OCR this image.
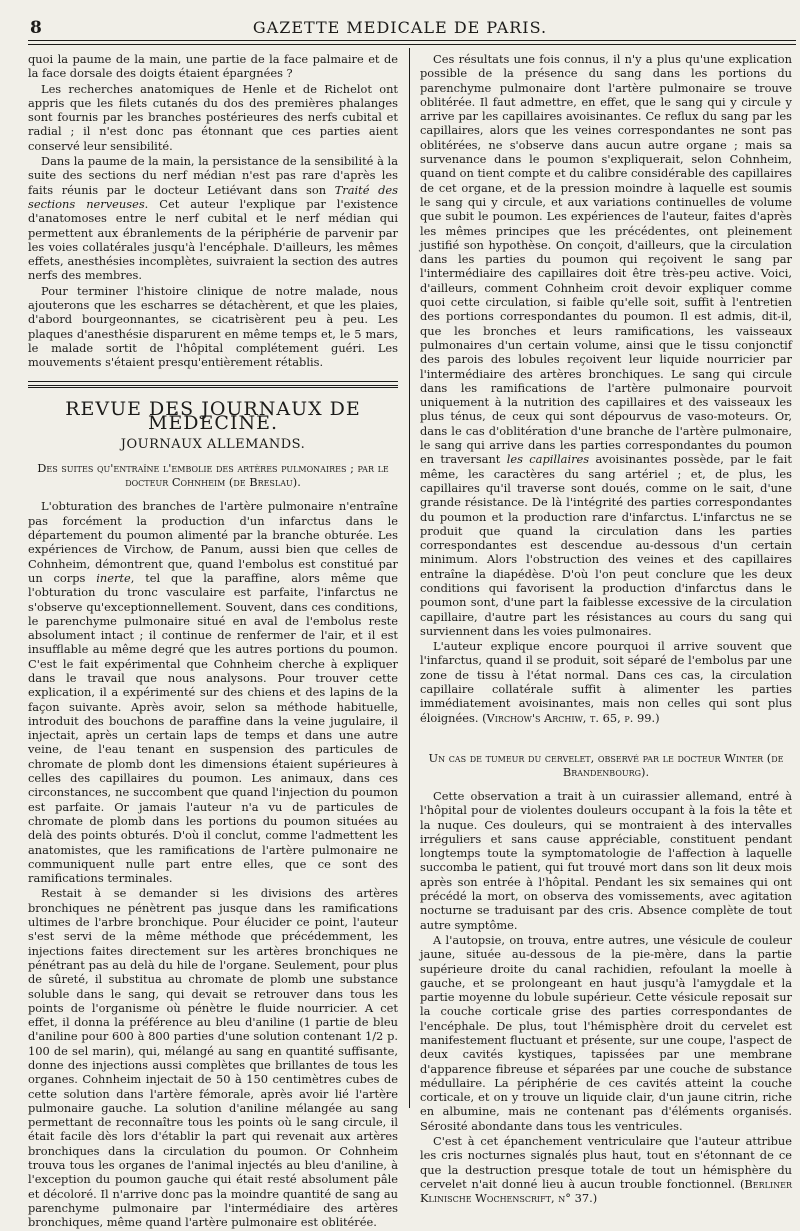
8	GAZETTE MEDICALE DE PARIS.

quoi la paume de la main, une partie de la face palmaire et de la face dorsale des doigts étaient épargnées ?

Les recherches anatomiques de Henle et de Richelot ont appris que les filets cutanés du dos des premières phalanges sont fournis par les branches postérieures des nerfs cubital et radial ; il n'est donc pas étonnant que ces parties aient conservé leur sensibilité.

Dans la paume de la main, la persistance de la sensibilité à la suite des sections du nerf médian n'est pas rare d'après les faits réunis par le docteur Letiévant dans son Traité des sections nerveuses. Cet auteur l'explique par l'existence d'anatomoses entre le nerf cubital et le nerf médian qui permettent aux ébranlements de la périphérie de parvenir par les voies collatérales jusqu'à l'encéphale. D'ailleurs, les mêmes effets, anesthésies incomplètes, suivraient la section des autres nerfs des membres.

Pour terminer l'histoire clinique de notre malade, nous ajouterons que les escharres se détachèrent, et que les plaies, d'abord bourgeonnantes, se cicatrisèrent peu à peu. Les plaques d'anesthésie disparurent en même temps et, le 5 mars, le malade sortit de l'hôpital complétement guéri. Les mouvements s'étaient presqu'entièrement rétablis.

REVUE DES JOURNAUX DE MÉDECINE.
JOURNAUX ALLEMANDS.
Des suites qu'entraîne l'embolie des artères pulmonaires ; par le docteur Cohnheim (de Breslau).

L'obturation des branches de l'artère pulmonaire n'entraîne pas forcément la production d'un infarctus dans le département du poumon alimenté par la branche obturée. Les expériences de Virchow, de Panum, aussi bien que celles de Cohnheim, démontrent que, quand l'embolus est constitué par un corps inerte, tel que la paraffine, alors même que l'obturation du tronc vasculaire est parfaite, l'infarctus ne s'observe qu'exceptionnellement. Souvent, dans ces conditions, le parenchyme pulmonaire situé en aval de l'embolus reste absolument intact ; il continue de renfermer de l'air, et il est insufflable au même degré que les autres portions du poumon. C'est le fait expérimental que Cohnheim cherche à expliquer dans le travail que nous analysons. Pour trouver cette explication, il a expérimenté sur des chiens et des lapins de la façon suivante. Après avoir, selon sa méthode habituelle, introduit des bouchons de paraffine dans la veine jugulaire, il injectait, après un certain laps de temps et dans une autre veine, de l'eau tenant en suspension des particules de chromate de plomb dont les dimensions étaient supérieures à celles des capillaires du poumon. Les animaux, dans ces circonstances, ne succombent que quand l'injection du poumon est parfaite. Or jamais l'auteur n'a vu de particules de chromate de plomb dans les portions du poumon situées au delà des points obturés. D'où il conclut, comme l'admettent les anatomistes, que les ramifications de l'artère pulmonaire ne communiquent nulle part entre elles, que ce sont des ramifications terminales.

Restait à se demander si les divisions des artères bronchiques ne pénètrent pas jusque dans les ramifications ultimes de l'arbre bronchique. Pour élucider ce point, l'auteur s'est servi de la même méthode que précédemment, les injections faites directement sur les artères bronchiques ne pénétrant pas au delà du hile de l'organe. Seulement, pour plus de sûreté, il substitua au chromate de plomb une substance soluble dans le sang, qui devait se retrouver dans tous les points de l'organisme où pénètre le fluide nourricier. A cet effet, il donna la préférence au bleu d'aniline (1 partie de bleu d'aniline pour 600 à 800 parties d'une solution contenant 1/2 p. 100 de sel marin), qui, mélangé au sang en quantité suffisante, donne des injections aussi complètes que brillantes de tous les organes. Cohnheim injectait de 50 à 150 centimètres cubes de cette solution dans l'artère fémorale, après avoir lié l'artère pulmonaire gauche. La solution d'aniline mélangée au sang permettant de reconnaître tous les points où le sang circule, il était facile dès lors d'établir la part qui revenait aux artères bronchiques dans la circulation du poumon. Or Cohnheim trouva tous les organes de l'animal injectés au bleu d'aniline, à l'exception du poumon gauche qui était resté absolument pâle et décoloré. Il n'arrive donc pas la moindre quantité de sang au parenchyme pulmonaire par l'intermédiaire des artères bronchiques, même quand l'artère pulmonaire est oblitérée.

Ces résultats une fois connus, il n'y a plus qu'une explication possible de la présence du sang dans les portions du parenchyme pulmonaire dont l'artère pulmonaire se trouve oblitérée. Il faut admettre, en effet, que le sang qui y circule y arrive par les capillaires avoisinantes. Ce reflux du sang par les capillaires, alors que les veines correspondantes ne sont pas oblitérées, ne s'observe dans aucun autre organe ; mais sa survenance dans le poumon s'expliquerait, selon Cohnheim, quand on tient compte et du calibre considérable des capillaires de cet organe, et de la pression moindre à laquelle est soumis le sang qui y circule, et aux variations continuelles de volume que subit le poumon. Les expériences de l'auteur, faites d'après les mêmes principes que les précédentes, ont pleinement justifié son hypothèse. On conçoit, d'ailleurs, que la circulation dans les parties du poumon qui reçoivent le sang par l'intermédiaire des capillaires doit être très-peu active. Voici, d'ailleurs, comment Cohnheim croit devoir expliquer comme quoi cette circulation, si faible qu'elle soit, suffit à l'entretien des portions correspondantes du poumon. Il est admis, dit-il, que les bronches et leurs ramifications, les vaisseaux pulmonaires d'un certain volume, ainsi que le tissu conjonctif des parois des lobules reçoivent leur liquide nourricier par l'intermédiaire des artères bronchiques. Le sang qui circule dans les ramifications de l'artère pulmonaire pourvoit uniquement à la nutrition des capillaires et des vaisseaux les plus ténus, de ceux qui sont dépourvus de vaso-moteurs. Or, dans le cas d'oblitération d'une branche de l'artère pulmonaire, le sang qui arrive dans les parties correspondantes du poumon en traversant les capillaires avoisinantes possède, par le fait même, les caractères du sang artériel ; et, de plus, les capillaires qu'il traverse sont doués, comme on le sait, d'une grande résistance. De là l'intégrité des parties correspondantes du poumon et la production rare d'infarctus. L'infarctus ne se produit que quand la circulation dans les parties correspondantes est descendue au-dessous d'un certain minimum. Alors l'obstruction des veines et des capillaires entraîne la diapédèse. D'où l'on peut conclure que les deux conditions qui favorisent la production d'infarctus dans le poumon sont, d'une part la faiblesse excessive de la circulation capillaire, d'autre part les résistances au cours du sang qui surviennent dans les voies pulmonaires.

L'auteur explique encore pourquoi il arrive souvent que l'infarctus, quand il se produit, soit séparé de l'embolus par une zone de tissu à l'état normal. Dans ces cas, la circulation capillaire collatérale suffit à alimenter les parties immédiatement avoisinantes, mais non celles qui sont plus éloignées. (Virchow's Archiw, t. 65, p. 99.)

Un cas de tumeur du cervelet, observé par le docteur Winter (de Brandenbourg).

Cette observation a trait à un cuirassier allemand, entré à l'hôpital pour de violentes douleurs occupant à la fois la tête et la nuque. Ces douleurs, qui se montraient à des intervalles irréguliers et sans cause appréciable, constituent pendant longtemps toute la symptomatologie de l'affection à laquelle succomba le patient, qui fut trouvé mort dans son lit deux mois après son entrée à l'hôpital. Pendant les six semaines qui ont précédé la mort, on observa des vomissements, avec agitation nocturne se traduisant par des cris. Absence complète de tout autre symptôme.

A l'autopsie, on trouva, entre autres, une vésicule de couleur jaune, située au-dessous de la pie-mère, dans la partie supérieure droite du canal rachidien, refoulant la moelle à gauche, et se prolongeant en haut jusqu'à l'amygdale et la partie moyenne du lobule supérieur. Cette vésicule reposait sur la couche corticale grise des parties correspondantes de l'encéphale. De plus, tout l'hémisphère droit du cervelet est manifestement fluctuant et présente, sur une coupe, l'aspect de deux cavités kystiques, tapissées par une membrane d'apparence fibreuse et séparées par une couche de substance médullaire. La périphérie de ces cavités atteint la couche corticale, et on y trouve un liquide clair, d'un jaune citrin, riche en albumine, mais ne contenant pas d'éléments organisés. Sérosité abondante dans tous les ventricules.

C'est à cet épanchement ventriculaire que l'auteur attribue les cris nocturnes signalés plus haut, tout en s'étonnant de ce que la destruction presque totale de tout un hémisphère du cervelet n'ait donné lieu à aucun trouble fonctionnel. (Berliner Klinische Wochenscrift, n° 37.)
